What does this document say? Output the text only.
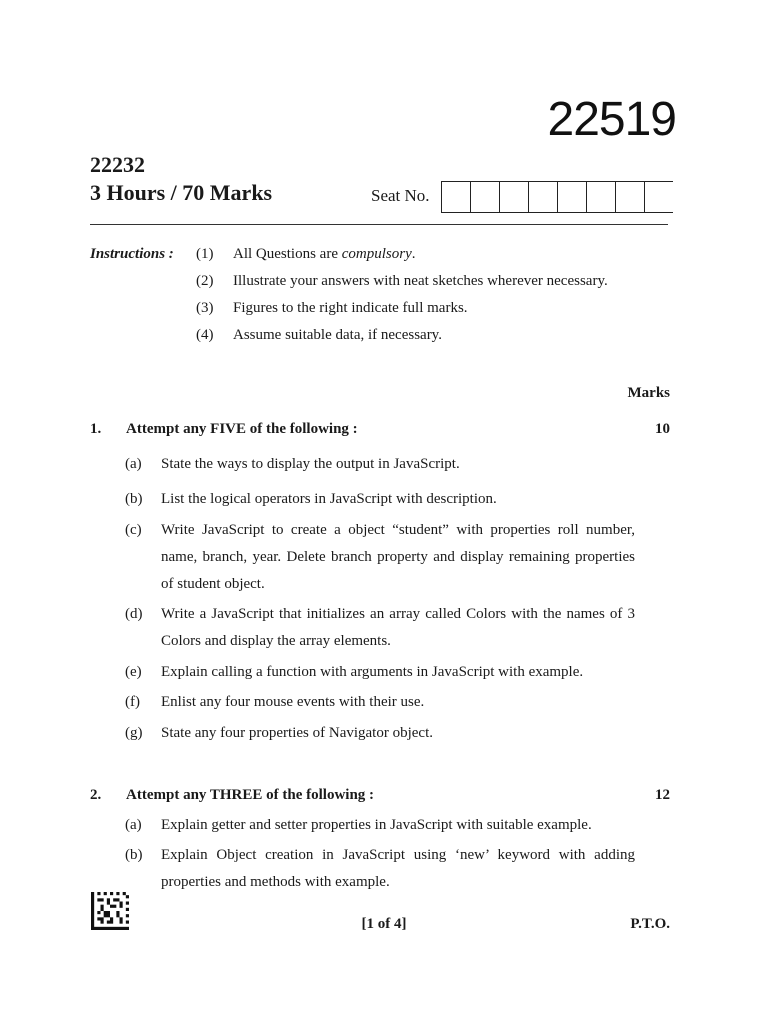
22519
22232
3 Hours / 70 Marks	Seat No.
Instructions : (1)	All Questions are compulsory.
(2)	Illustrate your answers with neat sketches wherever necessary.
(3)	Figures to the right indicate full marks.
(4)	Assume suitable data, if necessary.
Marks
1.	Attempt any FIVE of the following :	10
(a)	State the ways to display the output in JavaScript.
(b)	List the logical operators in JavaScript with description.
(c)	Write JavaScript to create a object “student” with properties roll number, name, branch, year. Delete branch property and display remaining properties of student object.
(d)	Write a JavaScript that initializes an array called Colors with the names of 3 Colors and display the array elements.
(e)	Explain calling a function with arguments in JavaScript with example.
(f)	Enlist any four mouse events with their use.
(g)	State any four properties of Navigator object.
2.	Attempt any THREE of the following :	12
(a)	Explain getter and setter properties in JavaScript with suitable example.
(b)	Explain Object creation in JavaScript using ‘new’ keyword with adding properties and methods with example.
[1 of 4]	P.T.O.
